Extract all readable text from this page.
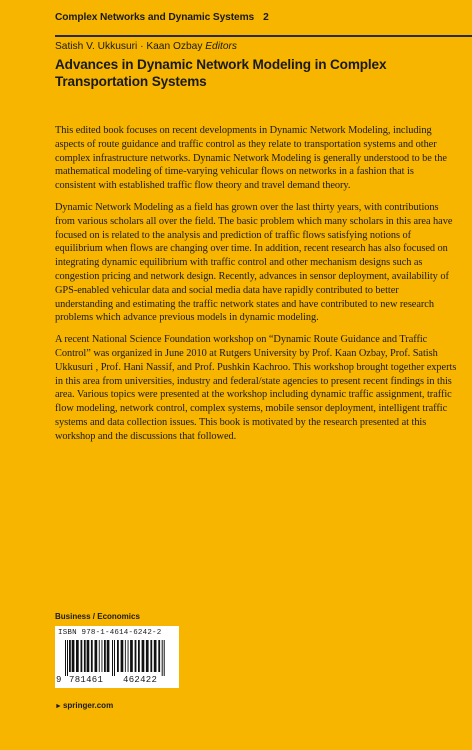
Complex Networks and Dynamic Systems 2
Satish V. Ukkusuri · Kaan Ozbay Editors
Advances in Dynamic Network Modeling in Complex Transportation Systems

This edited book focuses on recent developments in Dynamic Network Modeling, including aspects of route guidance and traffic control as they relate to transportation systems and other complex infrastructure networks. Dynamic Network Modeling is generally understood to be the mathematical modeling of time-varying vehicular flows on networks in a fashion that is consistent with established traffic flow theory and travel demand theory.

Dynamic Network Modeling as a field has grown over the last thirty years, with contributions from various scholars all over the field. The basic problem which many scholars in this area have focused on is related to the analysis and prediction of traffic flows satisfying notions of equilibrium when flows are changing over time. In addition, recent research has also focused on integrating dynamic equilibrium with traffic control and other mechanism designs such as congestion pricing and network design. Recently, advances in sensor deployment, availability of GPS-enabled vehicular data and social media data have rapidly contributed to better understanding and estimating the traffic network states and have contributed to new research problems which advance previous models in dynamic modeling.

A recent National Science Foundation workshop on “Dynamic Route Guidance and Traffic Control” was organized in June 2010 at Rutgers University by Prof. Kaan Ozbay, Prof. Satish Ukkusuri , Prof. Hani Nassif, and Prof. Pushkin Kachroo. This workshop brought together experts in this area from universities, industry and federal/state agencies to present recent findings in this area. Various topics were presented at the workshop including dynamic traffic assignment, traffic flow modeling, network control, complex systems, mobile sensor deployment, intelligent traffic systems and data collection issues. This book is motivated by the research presented at this workshop and the discussions that followed.

Business / Economics
ISBN 978-1-4614-6242-2
9 781461 462422
►springer.com
